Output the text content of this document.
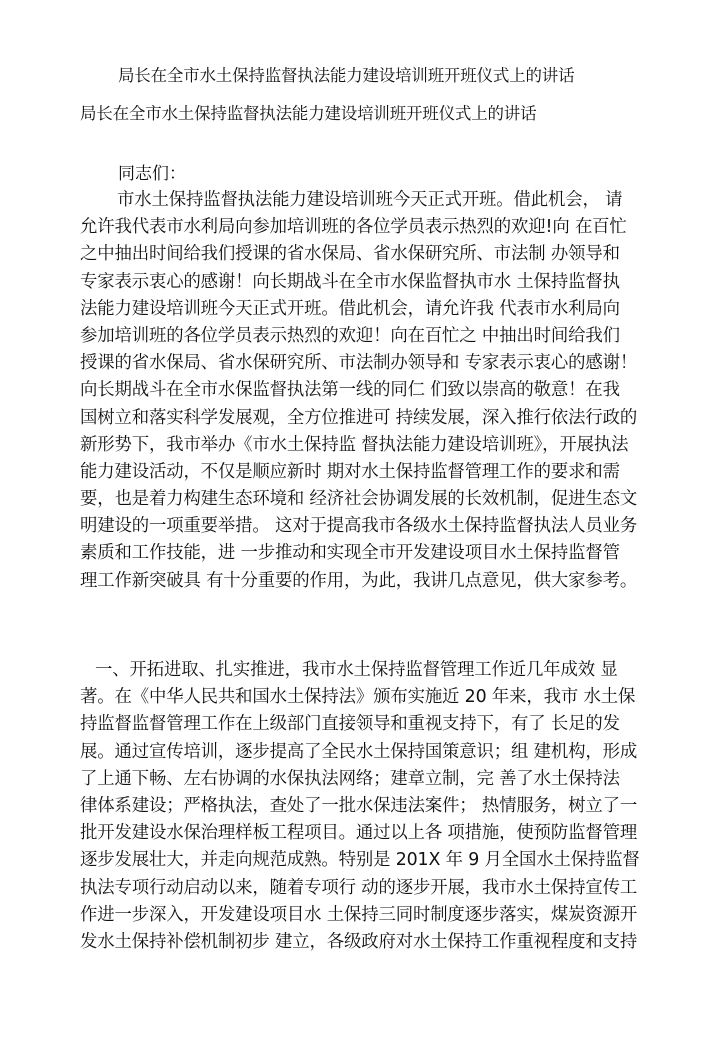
局长在全市水土保持监督执法能力建设培训班开班仪式上的讲话
局长在全市水土保持监督执法能力建设培训班开班仪式上的讲话
同志们：
市水土保持监督执法能力建设培训班今天正式开班。借此机会， 请
允许我代表市水利局向参加培训班的各位学员表示热烈的欢迎!向 在百忙
之中抽出时间给我们授课的省水保局、省水保研究所、市法制 办领导和
专家表示衷心的感谢！向长期战斗在全市水保监督执市水 土保持监督执
法能力建设培训班今天正式开班。借此机会，请允许我 代表市水利局向
参加培训班的各位学员表示热烈的欢迎！向在百忙之 中抽出时间给我们
授课的省水保局、省水保研究所、市法制办领导和 专家表示衷心的感谢！
向长期战斗在全市水保监督执法第一线的同仁 们致以崇高的敬意！在我
国树立和落实科学发展观，全方位推进可 持续发展，深入推行依法行政的
新形势下，我市举办《市水土保持监 督执法能力建设培训班》，开展执法
能力建设活动，不仅是顺应新时 期对水土保持监督管理工作的要求和需
要，也是着力构建生态环境和 经济社会协调发展的长效机制，促进生态文
明建设的一项重要举措。 这对于提高我市各级水土保持监督执法人员业务
素质和工作技能，进 一步推动和实现全市开发建设项目水土保持监督管
理工作新突破具 有十分重要的作用，为此，我讲几点意见，供大家参考。
一、开拓进取、扎实推进，我市水土保持监督管理工作近几年成效 显
著。在《中华人民共和国水土保持法》颁布实施近 20 年来，我市 水土保
持监督监督管理工作在上级部门直接领导和重视支持下，有了 长足的发
展。通过宣传培训，逐步提高了全民水土保持国策意识；组 建机构，形成
了上通下畅、左右协调的水保执法网络；建章立制，完 善了水土保持法
律体系建设；严格执法，查处了一批水保违法案件； 热情服务，树立了一
批开发建设水保治理样板工程项目。通过以上各 项措施，使预防监督管理
逐步发展壮大，并走向规范成熟。特别是 201X 年 9 月全国水土保持监督
执法专项行动启动以来，随着专项行 动的逐步开展，我市水土保持宣传工
作进一步深入，开发建设项目水 土保持三同时制度逐步落实，煤炭资源开
发水土保持补偿机制初步 建立，各级政府对水土保持工作重视程度和支持
